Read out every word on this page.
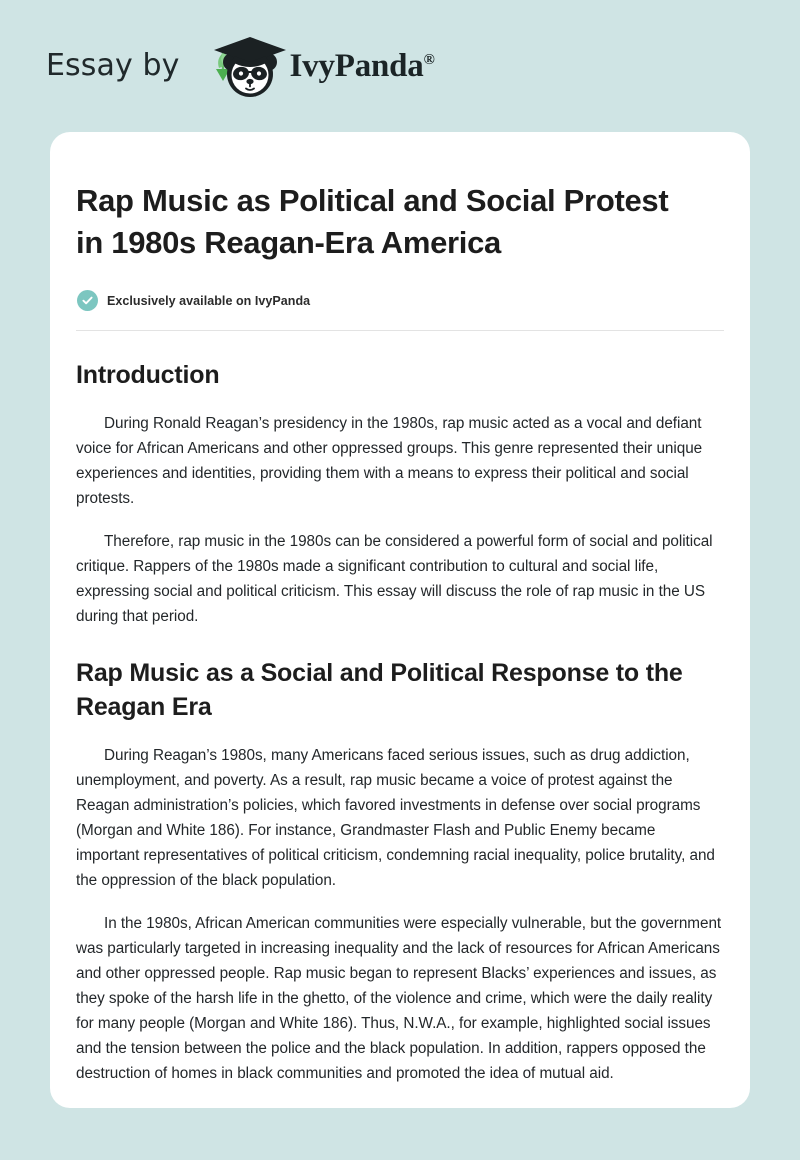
Essay by	IvyPanda®
Rap Music as Political and Social Protest in 1980s Reagan-Era America
Exclusively available on IvyPanda
Introduction

During Ronald Reagan’s presidency in the 1980s, rap music acted as a vocal and defiant voice for African Americans and other oppressed groups. This genre represented their unique experiences and identities, providing them with a means to express their political and social protests.

Therefore, rap music in the 1980s can be considered a powerful form of social and political critique. Rappers of the 1980s made a significant contribution to cultural and social life, expressing social and political criticism. This essay will discuss the role of rap music in the US during that period.

Rap Music as a Social and Political Response to the Reagan Era

During Reagan’s 1980s, many Americans faced serious issues, such as drug addiction, unemployment, and poverty. As a result, rap music became a voice of protest against the Reagan administration’s policies, which favored investments in defense over social programs (Morgan and White 186). For instance, Grandmaster Flash and Public Enemy became important representatives of political criticism, condemning racial inequality, police brutality, and the oppression of the black population.

In the 1980s, African American communities were especially vulnerable, but the government was particularly targeted in increasing inequality and the lack of resources for African Americans and other oppressed people. Rap music began to represent Blacks’ experiences and issues, as they spoke of the harsh life in the ghetto, of the violence and crime, which were the daily reality for many people (Morgan and White 186). Thus, N.W.A., for example, highlighted social issues and the tension between the police and the black population. In addition, rappers opposed the destruction of homes in black communities and promoted the idea of mutual aid.
